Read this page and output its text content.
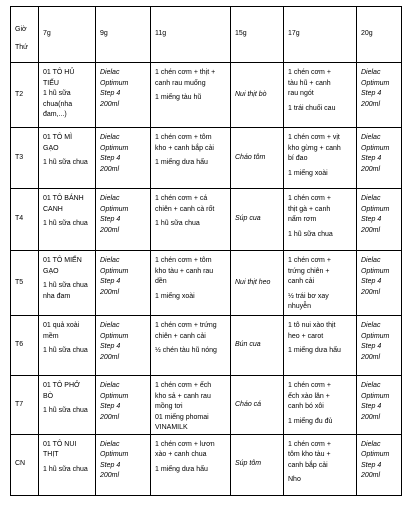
Giờ
Thứ	7g	9g	11g	15g	17g	20g
T2	01 TÔ HỦ
TIẾU
1 hũ sữa
chua(nha
đam,...)	Dielac
Optimum
Step 4
200ml	1 chén cơm + thịt +
canh rau muống
1 miếng tàu hũ	Nui thịt bò	1 chén cơm +
tàu hũ + canh
rau ngót
1 trái chuối cau	Dielac
Optimum
Step 4
200ml

T3	01 TÔ MÌ
GẠO
1 hũ sữa chua	Dielac
Optimum
Step 4
200ml	1 chén cơm + tôm
kho + canh bắp cải
1 miếng dưa hấu	Cháo tôm	1 chén cơm + vịt
kho gừng + canh
bí đao
1 miếng xoài	Dielac
Optimum
Step 4
200ml

T4	01 TÔ BÁNH
CANH
1 hũ sữa chua	Dielac
Optimum
Step 4
200ml	1 chén cơm + cá
chiên + canh cà rốt
1 hũ sữa chua	Súp cua	1 chén cơm +
thịt gà + canh
nấm rơm
1 hũ sữa chua	Dielac
Optimum
Step 4
200ml

T5	01 TÔ MIẾN
GẠO
1 hũ sữa chua
nha đam	Dielac
Optimum
Step 4
200ml	1 chén cơm + tôm
kho tàu + canh rau
dền
1 miếng xoài	Nui thịt heo	1 chén cơm +
trứng chiên +
canh cải
½ trái bơ xay
nhuyễn	Dielac
Optimum
Step 4
200ml

T6	01 quả xoài
mềm
1 hũ sữa chua	Dielac
Optimum
Step 4
200ml	1 chén cơm + trứng
chiên + canh cải
½ chén tàu hũ nóng	Bún cua	1 tô nui xào thịt
heo + carot
1 miếng dưa hấu	Dielac
Optimum
Step 4
200ml

T7	01 TÔ PHỞ
BÒ
1 hũ sữa chua	Dielac
Optimum
Step 4
200ml	1 chén cơm + ếch
kho sả + canh rau
mồng tơi
01 miếng phomai
VINAMILK	Cháo cá	1 chén cơm +
ếch xào lăn +
canh bó xôi
1 miếng đu đủ	Dielac
Optimum
Step 4
200ml

CN	01 TÔ NUI
THỊT
1 hũ sữa chua	Dielac
Optimum
Step 4
200ml	1 chén cơm + lươn
xào + canh chua
1 miếng dưa hấu	Súp tôm	1 chén cơm +
tôm kho tàu +
canh bắp cải
Nho	Dielac
Optimum
Step 4
200ml
